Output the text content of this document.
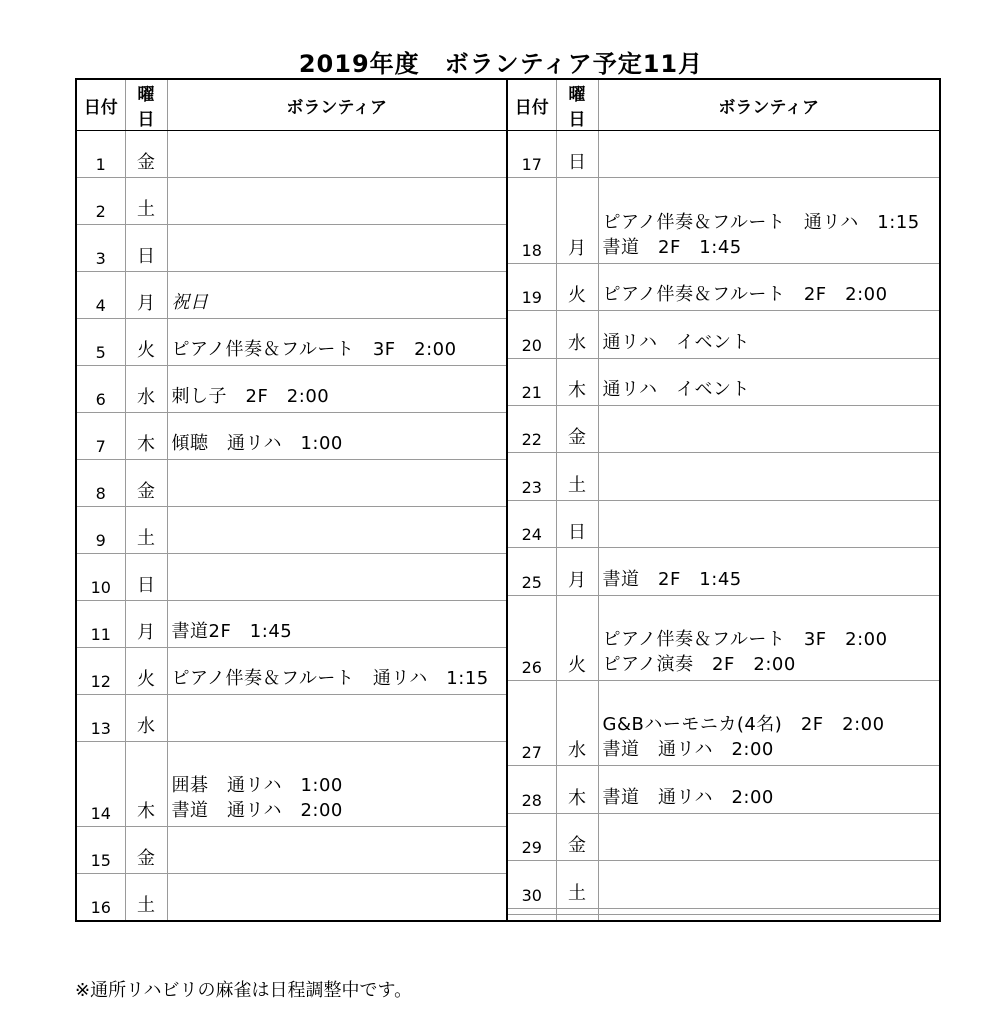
2019年度　ボランティア予定11月
日付	曜日	ボランティア
1	金	
2	土	
3	日	
4	月	祝日

5	火	ピアノ伴奏＆フルート　3F　2:00

6	水	刺し子　2F　2:00

7	木	傾聴　通リハ　1:00

8	金	
9	土	
10	日	
11	月	書道2F　1:45

12	火	ピアノ伴奏＆フルート　通リハ　1:15

13	水	
14	木	囲碁　通リハ　1:00
書道　通リハ　2:00

15	金	
16	土	
日付	曜日	ボランティア
17	日	
18	月	ピアノ伴奏＆フルート　通リハ　1:15
書道　2F　1:45

19	火	ピアノ伴奏＆フルート　2F　2:00

20	水	通リハ　イベント

21	木	通リハ　イベント

22	金	
23	土	
24	日	
25	月	書道　2F　1:45

26	火	ピアノ伴奏＆フルート　3F　2:00
ピアノ演奏　2F　2:00

27	水	G&Bハーモニカ(4名)　2F　2:00
書道　通リハ　2:00

28	木	書道　通リハ　2:00

29	金	
30	土	

※通所リハビリの麻雀は日程調整中です。
